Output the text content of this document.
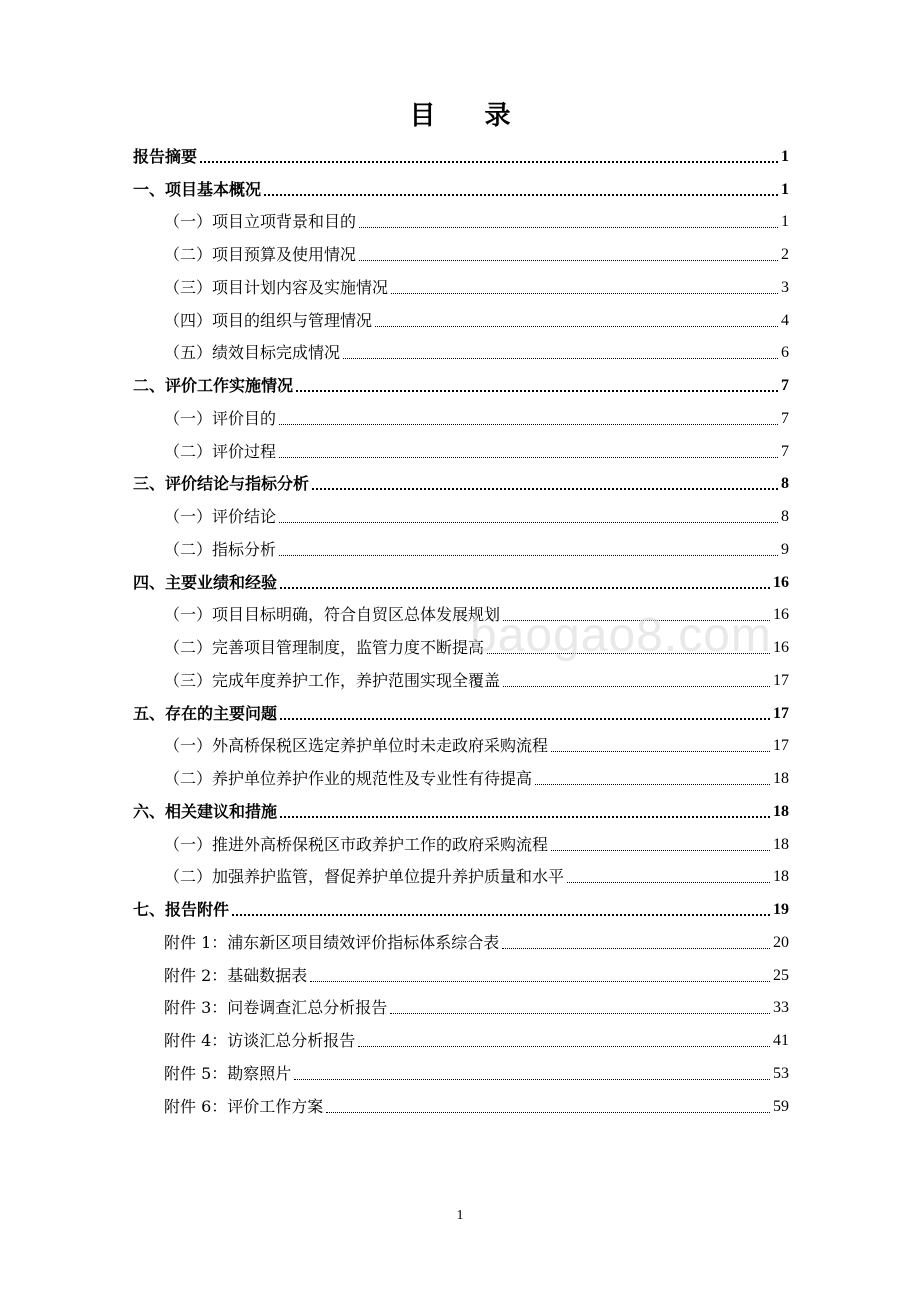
目 录
报告摘要	1
一、项目基本概况	1
（一）项目立项背景和目的	1
（二）项目预算及使用情况	2
（三）项目计划内容及实施情况	3
（四）项目的组织与管理情况	4
（五）绩效目标完成情况	6
二、评价工作实施情况	7
（一）评价目的	7
（二）评价过程	7
三、评价结论与指标分析	8
（一）评价结论	8
（二）指标分析	9
四、主要业绩和经验	16
（一）项目目标明确，符合自贸区总体发展规划	16
（二）完善项目管理制度，监管力度不断提高	16
（三）完成年度养护工作，养护范围实现全覆盖	17
五、存在的主要问题	17
（一）外高桥保税区选定养护单位时未走政府采购流程	17
（二）养护单位养护作业的规范性及专业性有待提高	18
六、相关建议和措施	18
（一）推进外高桥保税区市政养护工作的政府采购流程	18
（二）加强养护监管，督促养护单位提升养护质量和水平	18
七、报告附件	19
附件 1：浦东新区项目绩效评价指标体系综合表	20
附件 2：基础数据表	25
附件 3：问卷调查汇总分析报告	33
附件 4：访谈汇总分析报告	41
附件 5：勘察照片	53
附件 6：评价工作方案	59
baogao8.com
1
